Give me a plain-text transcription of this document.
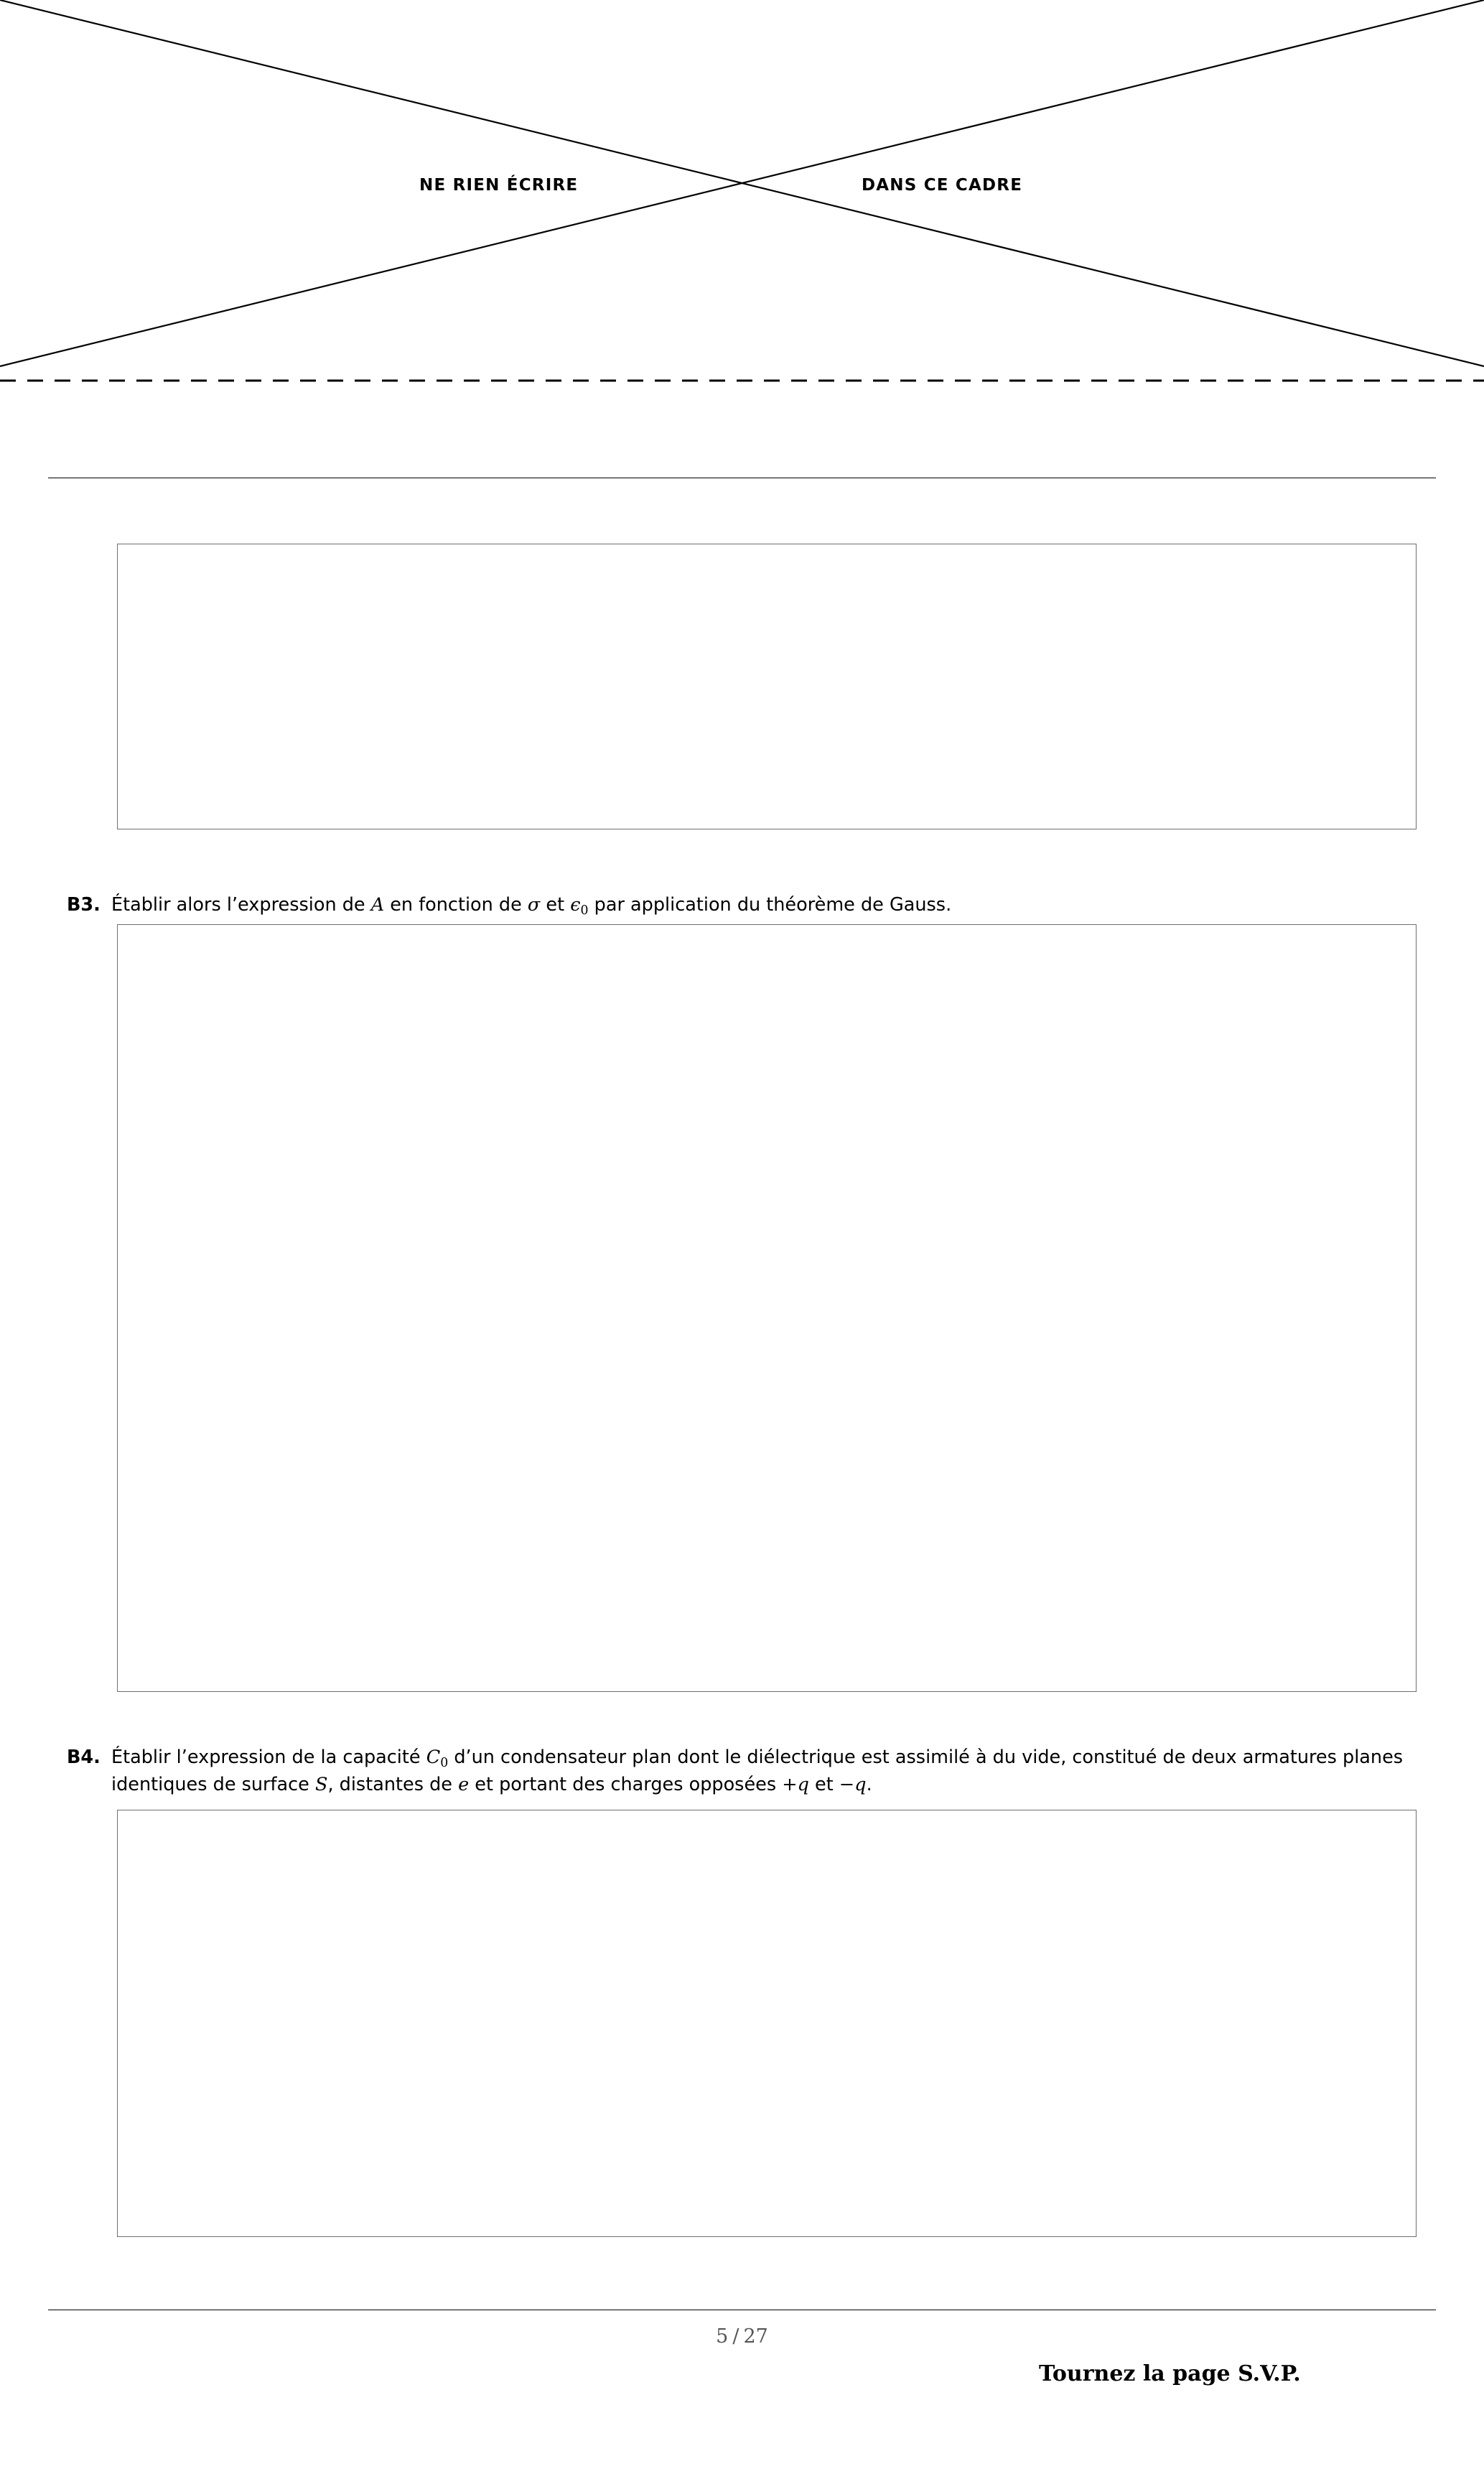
NE RIEN ÉCRIRE	DANS CE CADRE
B3. Établir alors l’expression de A en fonction de σ et $\epsilon_0$ par application du théorème de Gauss.
B4. Établir l’expression de la capacité $C_0$ d’un condensateur plan dont le diélectrique est assimilé à du vide, constitué de deux armatures planes identiques de surface S, distantes de e et portant des charges opposées +q et −q.
5 / 27
Tournez la page S.V.P.
